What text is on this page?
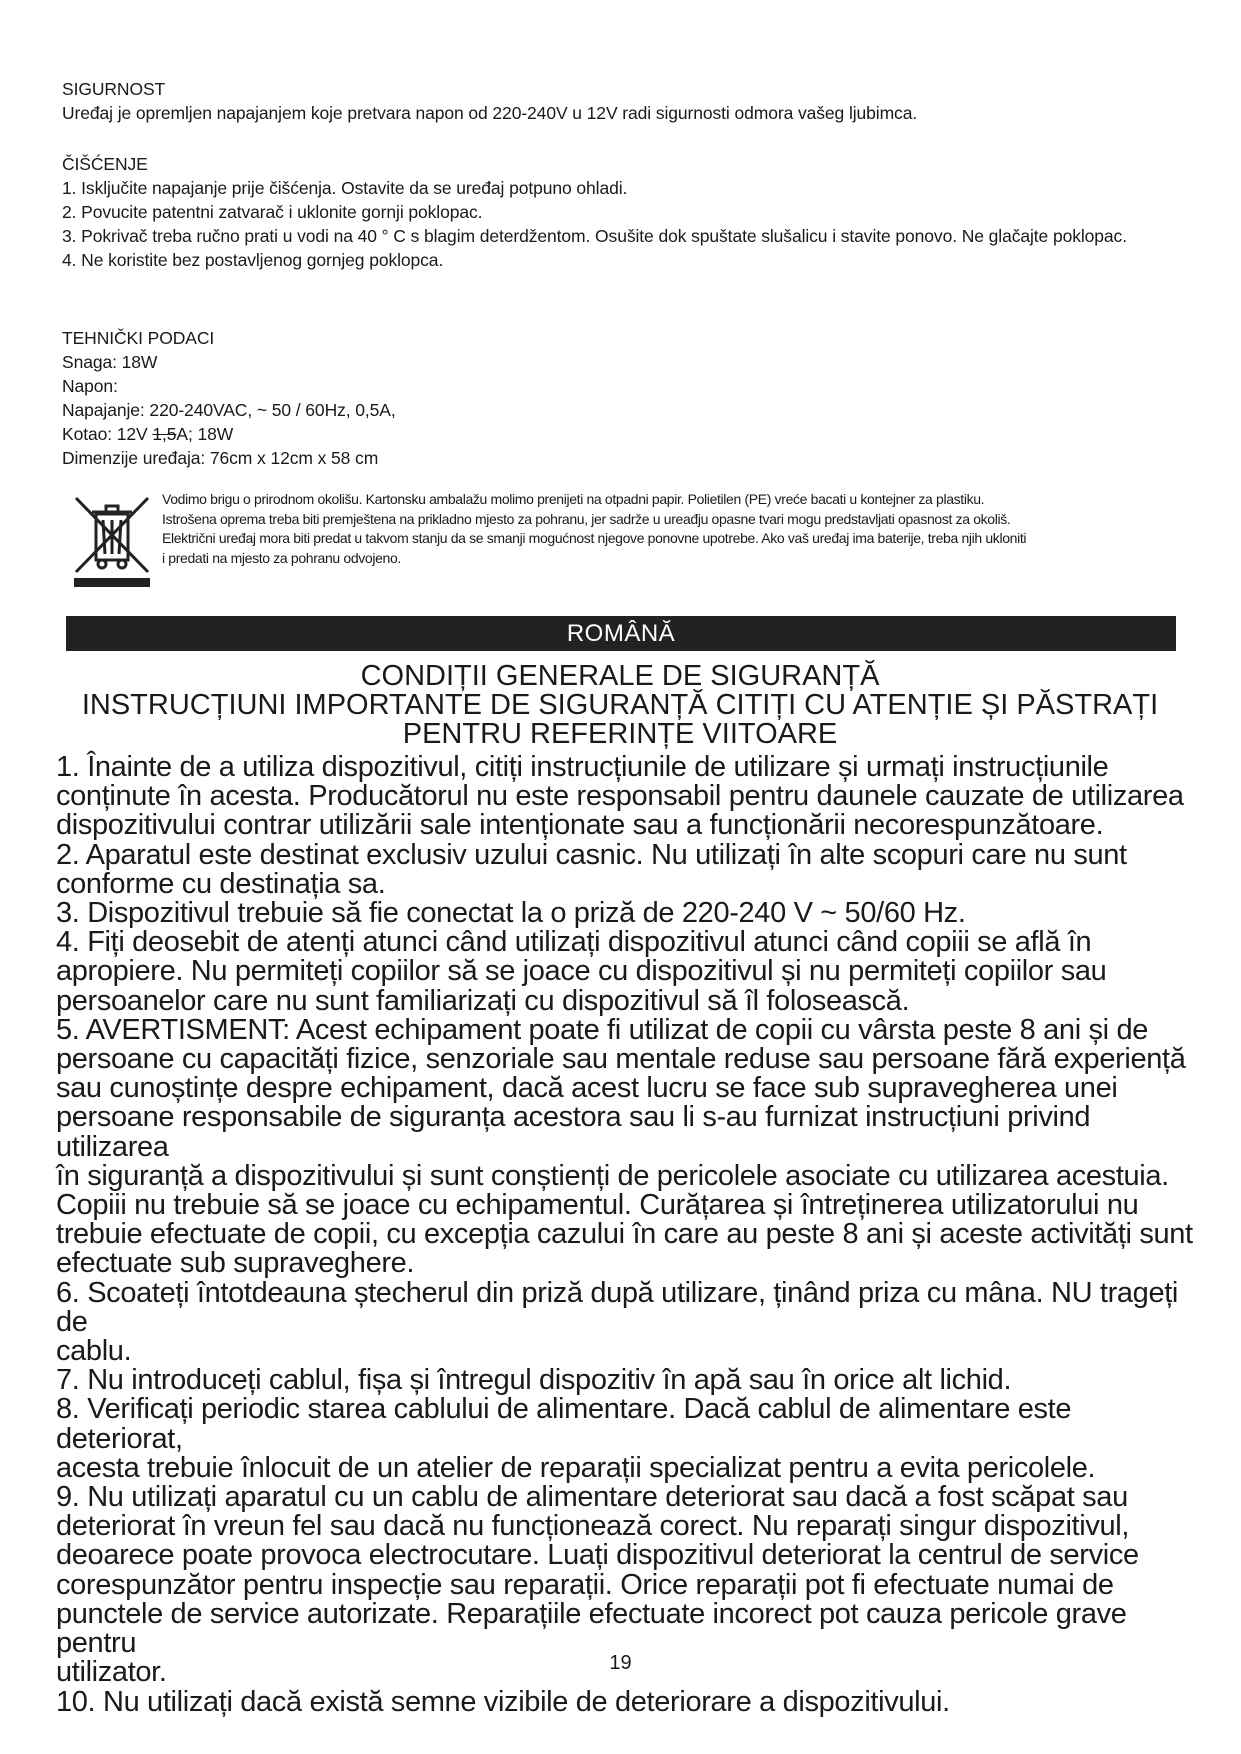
SIGURNOST

Uređaj je opremljen napajanjem koje pretvara napon od 220-240V u 12V radi sigurnosti odmora vašeg ljubimca.

ČIŠĆENJE

1. Isključite napajanje prije čišćenja. Ostavite da se uređaj potpuno ohladi.

2. Povucite patentni zatvarač i uklonite gornji poklopac.

3. Pokrivač treba ručno prati u vodi na 40 ° C s blagim deterdžentom. Osušite dok spuštate slušalicu i stavite ponovo. Ne glačajte poklopac.

4. Ne koristite bez postavljenog gornjeg poklopca.

TEHNIČKI PODACI

Snaga: 18W

Napon:

Napajanje: 220-240VAC, ~ 50 / 60Hz, 0,5A,

Kotao: 12V 1,5A; 18W

Dimenzije uređaja: 76cm x 12cm x 58 cm

Vodimo brigu o prirodnom okolišu. Kartonsku ambalažu molimo prenijeti na otpadni papir. Polietilen (PE) vreće bacati u kontejner za plastiku.

Istrošena oprema treba biti premještena na prikladno mjesto za pohranu, jer sadrže u ureađju opasne tvari mogu predstavljati opasnost za okoliš.

Električni uređaj mora biti predat u takvom stanju da se smanji mogućnost njegove ponovne upotrebe. Ako vaš uređaj ima baterije, treba njih ukloniti

i predati na mjesto za pohranu odvojeno.

ROMÂNĂ

CONDIȚII GENERALE DE SIGURANȚĂ

INSTRUCȚIUNI IMPORTANTE DE SIGURANȚĂ CITIȚI CU ATENȚIE ȘI PĂSTRAȚI

PENTRU REFERINȚE VIITOARE

1. Înainte de a utiliza dispozitivul, citiți instrucțiunile de utilizare și urmați instrucțiunile

conținute în acesta. Producătorul nu este responsabil pentru daunele cauzate de utilizarea

dispozitivului contrar utilizării sale intenționate sau a funcționării necorespunzătoare.

2. Aparatul este destinat exclusiv uzului casnic. Nu utilizați în alte scopuri care nu sunt

conforme cu destinația sa.

3. Dispozitivul trebuie să fie conectat la o priză de 220-240 V ~ 50/60 Hz.

4. Fiți deosebit de atenți atunci când utilizați dispozitivul atunci când copiii se află în

apropiere. Nu permiteți copiilor să se joace cu dispozitivul și nu permiteți copiilor sau

persoanelor care nu sunt familiarizați cu dispozitivul să îl folosească.

5. AVERTISMENT: Acest echipament poate fi utilizat de copii cu vârsta peste 8 ani și de

persoane cu capacități fizice, senzoriale sau mentale reduse sau persoane fără experiență

sau cunoștințe despre echipament, dacă acest lucru se face sub supravegherea unei

persoane responsabile de siguranța acestora sau li s-au furnizat instrucțiuni privind utilizarea

în siguranță a dispozitivului și sunt conștienți de pericolele asociate cu utilizarea acestuia.

Copiii nu trebuie să se joace cu echipamentul. Curățarea și întreținerea utilizatorului nu

trebuie efectuate de copii, cu excepția cazului în care au peste 8 ani și aceste activități sunt

efectuate sub supraveghere.

6. Scoateți întotdeauna ștecherul din priză după utilizare, ținând priza cu mâna. NU trageți de

cablu.

7. Nu introduceți cablul, fișa și întregul dispozitiv în apă sau în orice alt lichid.

8. Verificați periodic starea cablului de alimentare. Dacă cablul de alimentare este deteriorat,

acesta trebuie înlocuit de un atelier de reparații specializat pentru a evita pericolele.

9. Nu utilizați aparatul cu un cablu de alimentare deteriorat sau dacă a fost scăpat sau

deteriorat în vreun fel sau dacă nu funcționează corect. Nu reparați singur dispozitivul,

deoarece poate provoca electrocutare. Luați dispozitivul deteriorat la centrul de service

corespunzător pentru inspecție sau reparații. Orice reparații pot fi efectuate numai de

punctele de service autorizate. Reparațiile efectuate incorect pot cauza pericole grave pentru

utilizator.

10. Nu utilizați dacă există semne vizibile de deteriorare a dispozitivului.

19
